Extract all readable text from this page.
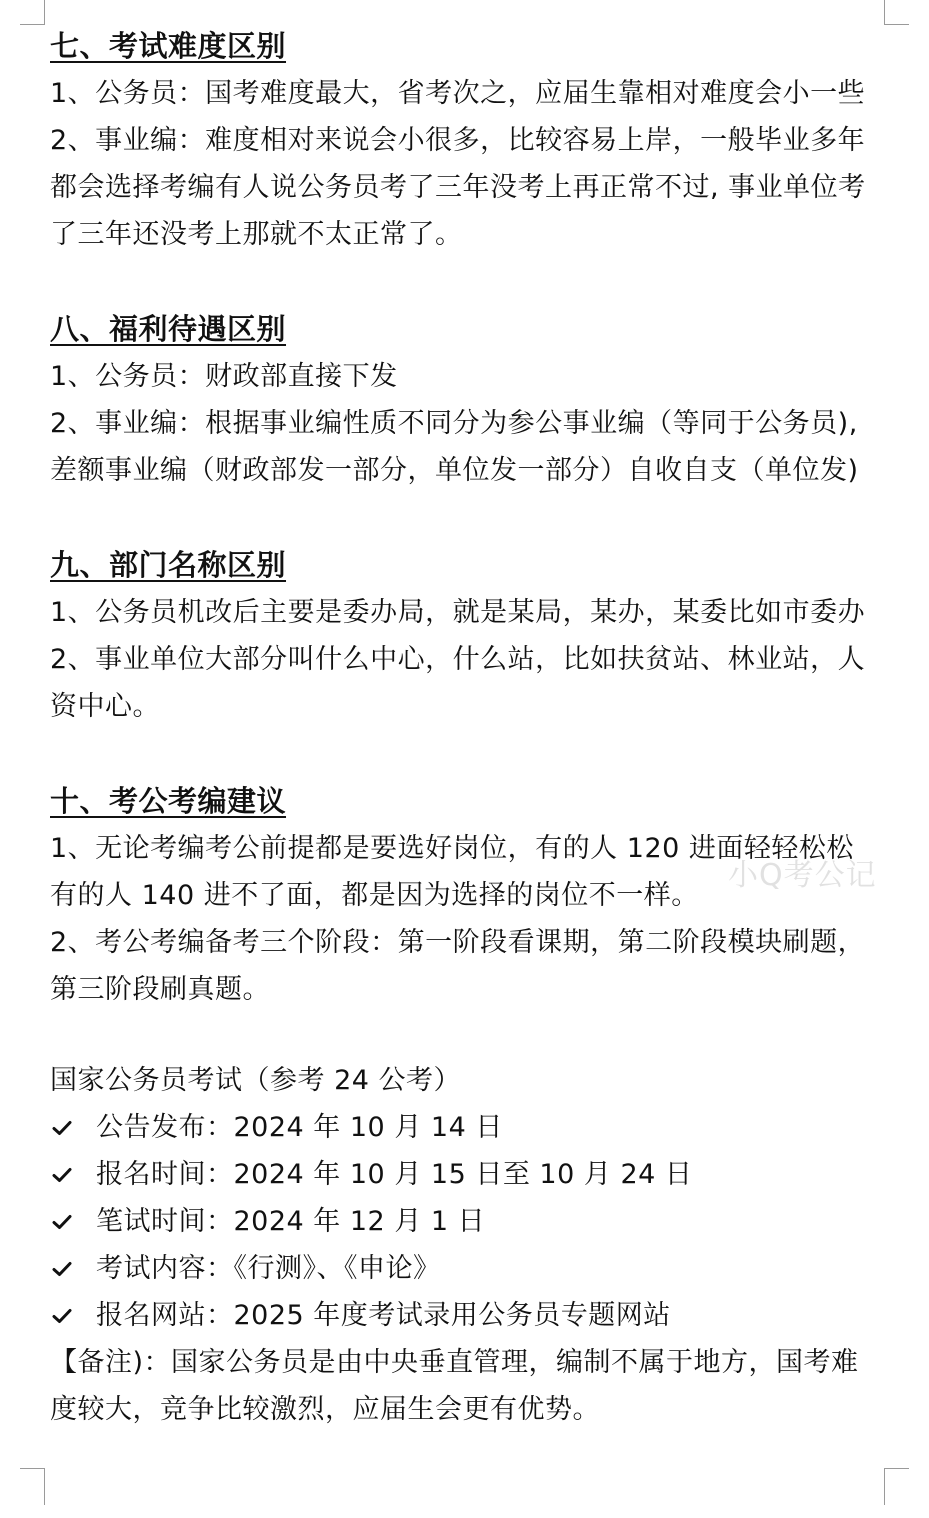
七、考试难度区别

1、公务员：国考难度最大，省考次之，应届生靠相对难度会小一些

2、事业编：难度相对来说会小很多，比较容易上岸，一般毕业多年

都会选择考编有人说公务员考了三年没考上再正常不过, 事业单位考

了三年还没考上那就不太正常了。

八、福利待遇区别

1、公务员：财政部直接下发

2、事业编：根据事业编性质不同分为参公事业编（等同于公务员),

差额事业编（财政部发一部分，单位发一部分）自收自支（单位发)

九、部门名称区别

1、公务员机改后主要是委办局，就是某局，某办，某委比如市委办

2、事业单位大部分叫什么中心，什么站，比如扶贫站、林业站，人

资中心。

十、考公考编建议

1、无论考编考公前提都是要选好岗位，有的人 120 进面轻轻松松

有的人 140 进不了面，都是因为选择的岗位不一样。

2、考公考编备考三个阶段：第一阶段看课期，第二阶段模块刷题，

第三阶段刷真题。

国家公务员考试（参考 24 公考）

公告发布：2024 年 10 月 14 日
报名时间：2024 年 10 月 15 日至 10 月 24 日
笔试时间：2024 年 12 月 1 日
考试内容：《行测》、《申论》
报名网站：2025 年度考试录用公务员专题网站

【备注)：国家公务员是由中央垂直管理，编制不属于地方，国考难

度较大，竞争比较激烈，应届生会更有优势。

小Q考公记
